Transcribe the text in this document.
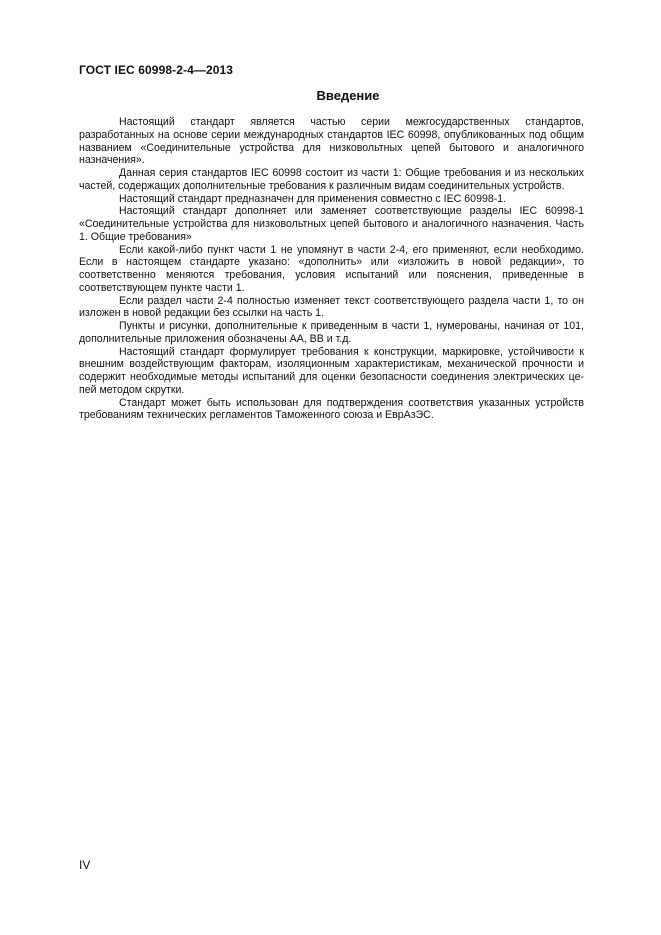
ГОСТ IEC 60998-2-4—2013
Введение

Настоящий стандарт является частью серии межгосударственных стандартов, разработанных на основе серии международных стандартов IEC 60998, опубликованных под общим названием «Соединительные устройства для низковольтных цепей бытового и аналогичного назначения».

Данная серия стандартов IEC 60998 состоит из части 1: Общие требования и из нескольких частей, содержащих дополнительные требования к различным видам соединительных устройств.

Настоящий стандарт предназначен для применения совместно с IEC 60998-1.

Настоящий стандарт дополняет или заменяет соответствующие разделы IEC 60998-1 «Соединительные устройства для низковольтных цепей бытового и аналогичного назначения. Часть 1. Общие требования»

Если какой-либо пункт части 1 не упомянут в части 2-4, его применяют, если необходимо. Если в настоящем стандарте указано: «дополнить» или «изложить в новой редакции», то соответственно меняются требования, условия испытаний или пояснения, приведенные в соответствующем пункте части 1.

Если раздел части 2-4 полностью изменяет текст соответствующего раздела части 1, то он изложен в новой редакции без ссылки на часть 1.

Пункты и рисунки, дополнительные к приведенным в части 1, нумерованы, начиная от 101, дополнительные приложения обозначены АА, ВВ и т.д.

Настоящий стандарт формулирует требования к конструкции, маркировке, устойчивости к внешним воздействующим факторам, изоляционным характеристикам, механической прочности и содержит необходимые методы испытаний для оценки безопасности соединения электрических цепей методом скрутки.

Стандарт может быть использован для подтверждения соответствия указанных устройств требованиям технических регламентов Таможенного союза и ЕврАзЭС.

IV
